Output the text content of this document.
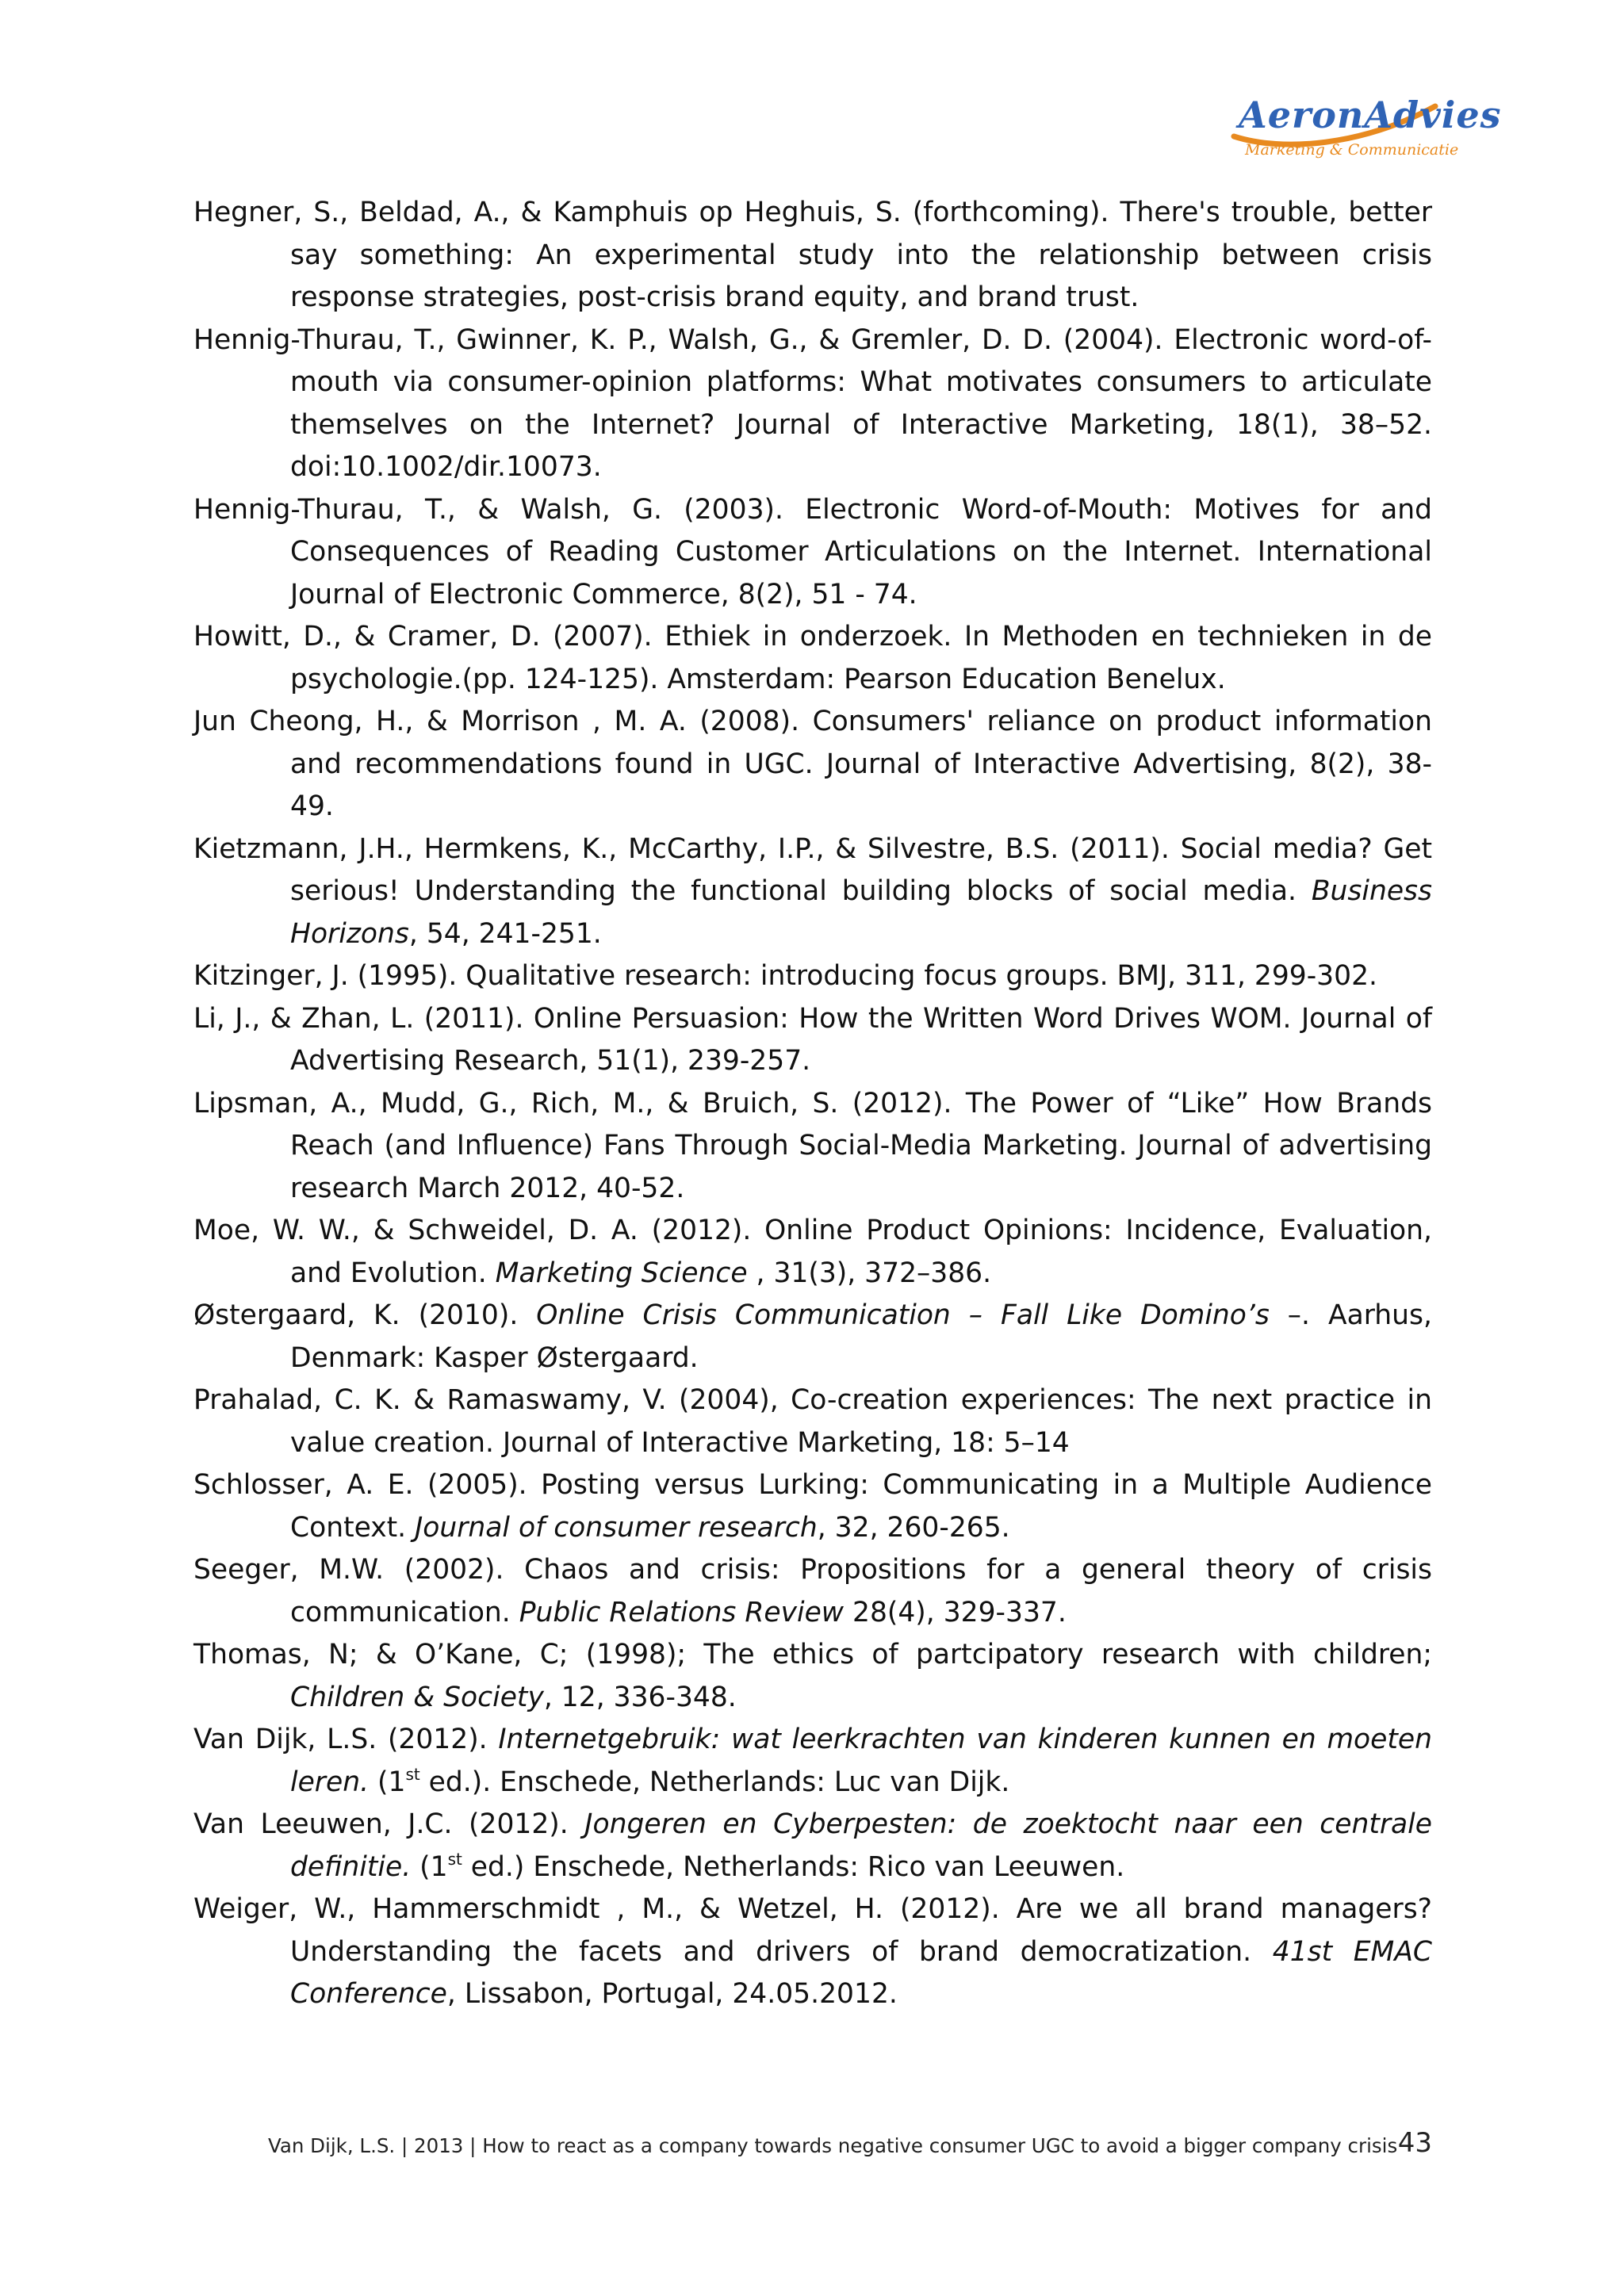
AeronAdvies
Marketing & Communicatie
Hegner, S., Beldad, A., & Kamphuis op Heghuis, S. (forthcoming). There's trouble, better say something: An experimental study into the relationship between crisis response strategies, post-crisis brand equity, and brand trust.
Hennig-Thurau, T., Gwinner, K. P., Walsh, G., & Gremler, D. D. (2004). Electronic word-of-mouth via consumer-opinion platforms: What motivates consumers to articulate themselves on the Internet? Journal of Interactive Marketing, 18(1), 38–52. doi:10.1002/dir.10073.
Hennig-Thurau, T., & Walsh, G. (2003). Electronic Word-of-Mouth: Motives for and Consequences of Reading Customer Articulations on the Internet. International Journal of Electronic Commerce, 8(2), 51 - 74.
Howitt, D., & Cramer, D. (2007). Ethiek in onderzoek. In Methoden en technieken in de psychologie.(pp. 124-125). Amsterdam: Pearson Education Benelux.
Jun Cheong, H., & Morrison , M. A. (2008). Consumers' reliance on product information and recommendations found in UGC. Journal of Interactive Advertising, 8(2), 38-49.
Kietzmann, J.H., Hermkens, K., McCarthy, I.P., & Silvestre, B.S. (2011). Social media? Get serious! Understanding the functional building blocks of social media. Business Horizons, 54, 241-251.
Kitzinger, J. (1995). Qualitative research: introducing focus groups. BMJ, 311, 299-302.
Li, J., & Zhan, L. (2011). Online Persuasion: How the Written Word Drives WOM. Journal of Advertising Research, 51(1), 239-257.
Lipsman, A., Mudd, G., Rich, M., & Bruich, S. (2012). The Power of “Like” How Brands Reach (and Influence) Fans Through Social-Media Marketing. Journal of advertising research March 2012, 40-52.
Moe, W. W., & Schweidel, D. A. (2012). Online Product Opinions: Incidence, Evaluation, and Evolution. Marketing Science , 31(3), 372–386.
Østergaard, K. (2010). Online Crisis Communication – Fall Like Domino’s –. Aarhus, Denmark: Kasper Østergaard.
Prahalad, C. K. & Ramaswamy, V. (2004), Co-creation experiences: The next practice in value creation. Journal of Interactive Marketing, 18: 5–14
Schlosser, A. E. (2005). Posting versus Lurking: Communicating in a Multiple Audience Context. Journal of consumer research, 32, 260-265.
Seeger, M.W. (2002). Chaos and crisis: Propositions for a general theory of crisis communication. Public Relations Review 28(4), 329-337.
Thomas, N; & O’Kane, C; (1998); The ethics of partcipatory research with children; Children & Society, 12, 336-348.
Van Dijk, L.S. (2012). Internetgebruik: wat leerkrachten van kinderen kunnen en moeten leren. (1st ed.). Enschede, Netherlands: Luc van Dijk.
Van Leeuwen, J.C. (2012). Jongeren en Cyberpesten: de zoektocht naar een centrale definitie. (1st ed.) Enschede, Netherlands: Rico van Leeuwen.
Weiger, W., Hammerschmidt , M., & Wetzel, H. (2012). Are we all brand managers? Understanding the facets and drivers of brand democratization. 41st EMAC Conference, Lissabon, Portugal, 24.05.2012.
Van Dijk, L.S. | 2013 | How to react as a company towards negative consumer UGC to avoid a bigger company crisis 43
